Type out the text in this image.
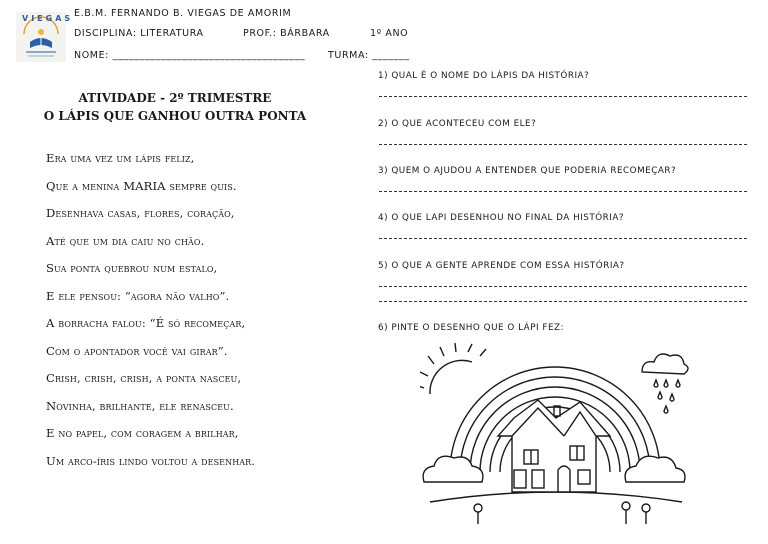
VIEGAS E.B.M. FERNANDO B. VIEGAS DE AMORIM
DISCIPLINA: LITERATURA	PROF.: BÁRBARA	1º ANO
NOME: ____________________________________ TURMA: _______
ATIVIDADE - 2º TRIMESTRE
O LÁPIS QUE GANHOU OUTRA PONTA
Era uma vez um lápis feliz,
Que a menina MARIA sempre quis.
Desenhava casas, flores, coração,
Até que um dia caiu no chão.
Sua ponta quebrou num estalo,
E ele pensou: “agora não valho”.
A borracha falou: “É só recomeçar,
Com o apontador você vai girar”.
Crish, crish, crish, a ponta nasceu,
Novinha, brilhante, ele renasceu.
E no papel, com coragem a brilhar,
Um arco-íris lindo voltou a desenhar.
1) QUAL É O NOME DO LÁPIS DA HISTÓRIA?
2) O QUE ACONTECEU COM ELE?
3) QUEM O AJUDOU A ENTENDER QUE PODERIA RECOMEÇAR?
4) O QUE LAPI DESENHOU NO FINAL DA HISTÓRIA?
5) O QUE A GENTE APRENDE COM ESSA HISTÓRIA?
6) PINTE O DESENHO QUE O LÁPI FEZ:
